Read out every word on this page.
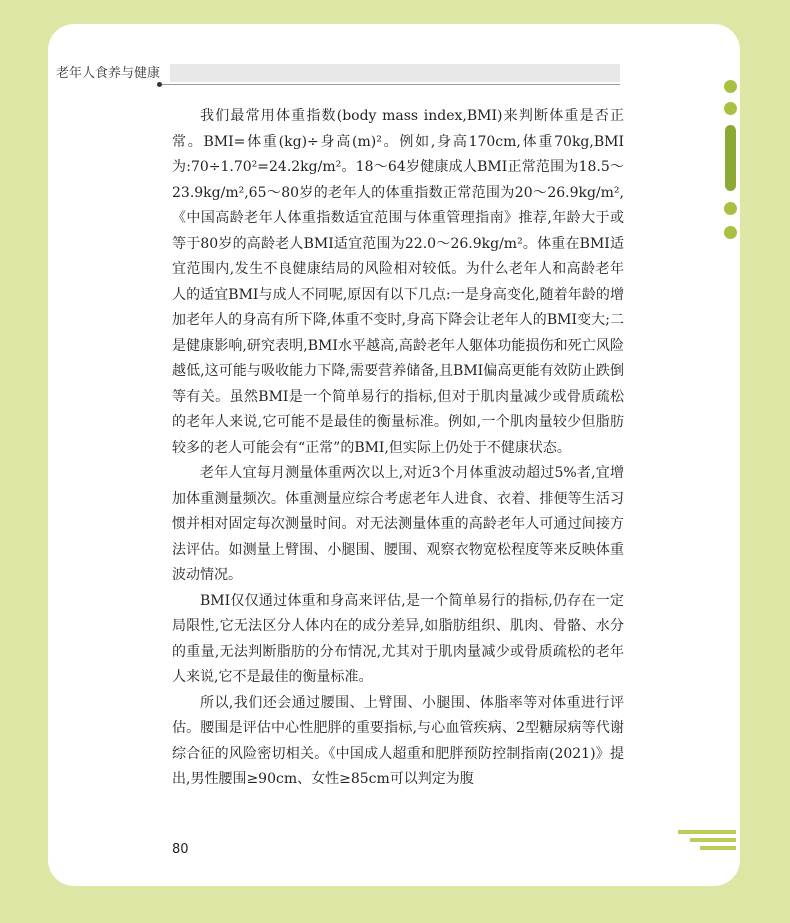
老年人食养与健康

我们最常用体重指数(body mass index,BMI)来判断体重是否正常。BMI=体重(kg)÷身高(m)²。例如,身高170cm,体重70kg,BMI为:70÷1.70²=24.2kg/m²。18～64岁健康成人BMI正常范围为18.5～23.9kg/m²,65～80岁的老年人的体重指数正常范围为20～26.9kg/m²,《中国高龄老年人体重指数适宜范围与体重管理指南》推荐,年龄大于或等于80岁的高龄老人BMI适宜范围为22.0～26.9kg/m²。体重在BMI适宜范围内,发生不良健康结局的风险相对较低。为什么老年人和高龄老年人的适宜BMI与成人不同呢,原因有以下几点:一是身高变化,随着年龄的增加老年人的身高有所下降,体重不变时,身高下降会让老年人的BMI变大;二是健康影响,研究表明,BMI水平越高,高龄老年人躯体功能损伤和死亡风险越低,这可能与吸收能力下降,需要营养储备,且BMI偏高更能有效防止跌倒等有关。虽然BMI是一个简单易行的指标,但对于肌肉量减少或骨质疏松的老年人来说,它可能不是最佳的衡量标准。例如,一个肌肉量较少但脂肪较多的老人可能会有“正常”的BMI,但实际上仍处于不健康状态。

老年人宜每月测量体重两次以上,对近3个月体重波动超过5%者,宜增加体重测量频次。体重测量应综合考虑老年人进食、衣着、排便等生活习惯并相对固定每次测量时间。对无法测量体重的高龄老年人可通过间接方法评估。如测量上臂围、小腿围、腰围、观察衣物宽松程度等来反映体重波动情况。

BMI仅仅通过体重和身高来评估,是一个简单易行的指标,仍存在一定局限性,它无法区分人体内在的成分差异,如脂肪组织、肌肉、骨骼、水分的重量,无法判断脂肪的分布情况,尤其对于肌肉量减少或骨质疏松的老年人来说,它不是最佳的衡量标准。

所以,我们还会通过腰围、上臂围、小腿围、体脂率等对体重进行评估。腰围是评估中心性肥胖的重要指标,与心血管疾病、2型糖尿病等代谢综合征的风险密切相关。《中国成人超重和肥胖预防控制指南(2021)》提出,男性腰围≥90cm、女性≥85cm可以判定为腹

80
